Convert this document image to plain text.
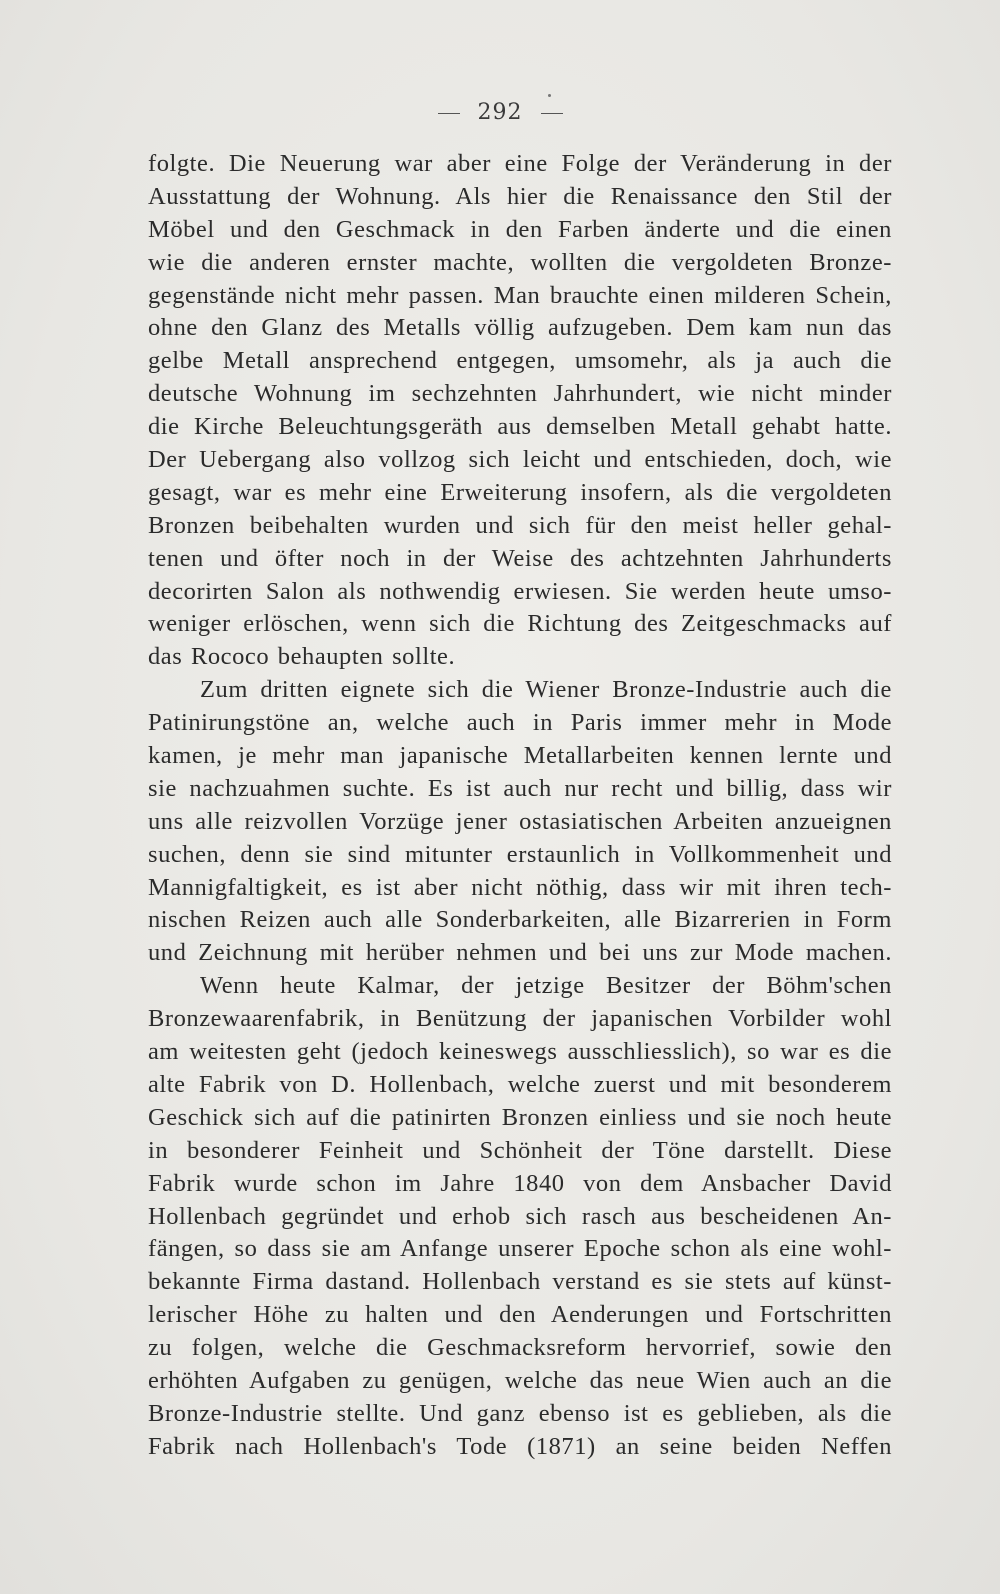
292
folgte. Die Neuerung war aber eine Folge der Veränderung in der
Ausstattung der Wohnung. Als hier die Renaissance den Stil der
Möbel und den Geschmack in den Farben änderte und die einen
wie die anderen ernster machte, wollten die vergoldeten Bronze-
gegenstände nicht mehr passen. Man brauchte einen milderen Schein,
ohne den Glanz des Metalls völlig aufzugeben. Dem kam nun das
gelbe Metall ansprechend entgegen, umsomehr, als ja auch die
deutsche Wohnung im sechzehnten Jahrhundert, wie nicht minder
die Kirche Beleuchtungsgeräth aus demselben Metall gehabt hatte.
Der Uebergang also vollzog sich leicht und entschieden, doch, wie
gesagt, war es mehr eine Erweiterung insofern, als die vergoldeten
Bronzen beibehalten wurden und sich für den meist heller gehal-
tenen und öfter noch in der Weise des achtzehnten Jahrhunderts
decorirten Salon als nothwendig erwiesen. Sie werden heute umso-
weniger erlöschen, wenn sich die Richtung des Zeitgeschmacks auf
das Rococo behaupten sollte.
Zum dritten eignete sich die Wiener Bronze-Industrie auch die
Patinirungstöne an, welche auch in Paris immer mehr in Mode
kamen, je mehr man japanische Metallarbeiten kennen lernte und
sie nachzuahmen suchte. Es ist auch nur recht und billig, dass wir
uns alle reizvollen Vorzüge jener ostasiatischen Arbeiten anzueignen
suchen, denn sie sind mitunter erstaunlich in Vollkommenheit und
Mannigfaltigkeit, es ist aber nicht nöthig, dass wir mit ihren tech-
nischen Reizen auch alle Sonderbarkeiten, alle Bizarrerien in Form
und Zeichnung mit herüber nehmen und bei uns zur Mode machen.
Wenn heute Kalmar, der jetzige Besitzer der Böhm'schen
Bronzewaarenfabrik, in Benützung der japanischen Vorbilder wohl
am weitesten geht (jedoch keineswegs ausschliesslich), so war es die
alte Fabrik von D. Hollenbach, welche zuerst und mit besonderem
Geschick sich auf die patinirten Bronzen einliess und sie noch heute
in besonderer Feinheit und Schönheit der Töne darstellt. Diese
Fabrik wurde schon im Jahre 1840 von dem Ansbacher David
Hollenbach gegründet und erhob sich rasch aus bescheidenen An-
fängen, so dass sie am Anfange unserer Epoche schon als eine wohl-
bekannte Firma dastand. Hollenbach verstand es sie stets auf künst-
lerischer Höhe zu halten und den Aenderungen und Fortschritten
zu folgen, welche die Geschmacksreform hervorrief, sowie den
erhöhten Aufgaben zu genügen, welche das neue Wien auch an die
Bronze-Industrie stellte. Und ganz ebenso ist es geblieben, als die
Fabrik nach Hollenbach's Tode (1871) an seine beiden Neffen
